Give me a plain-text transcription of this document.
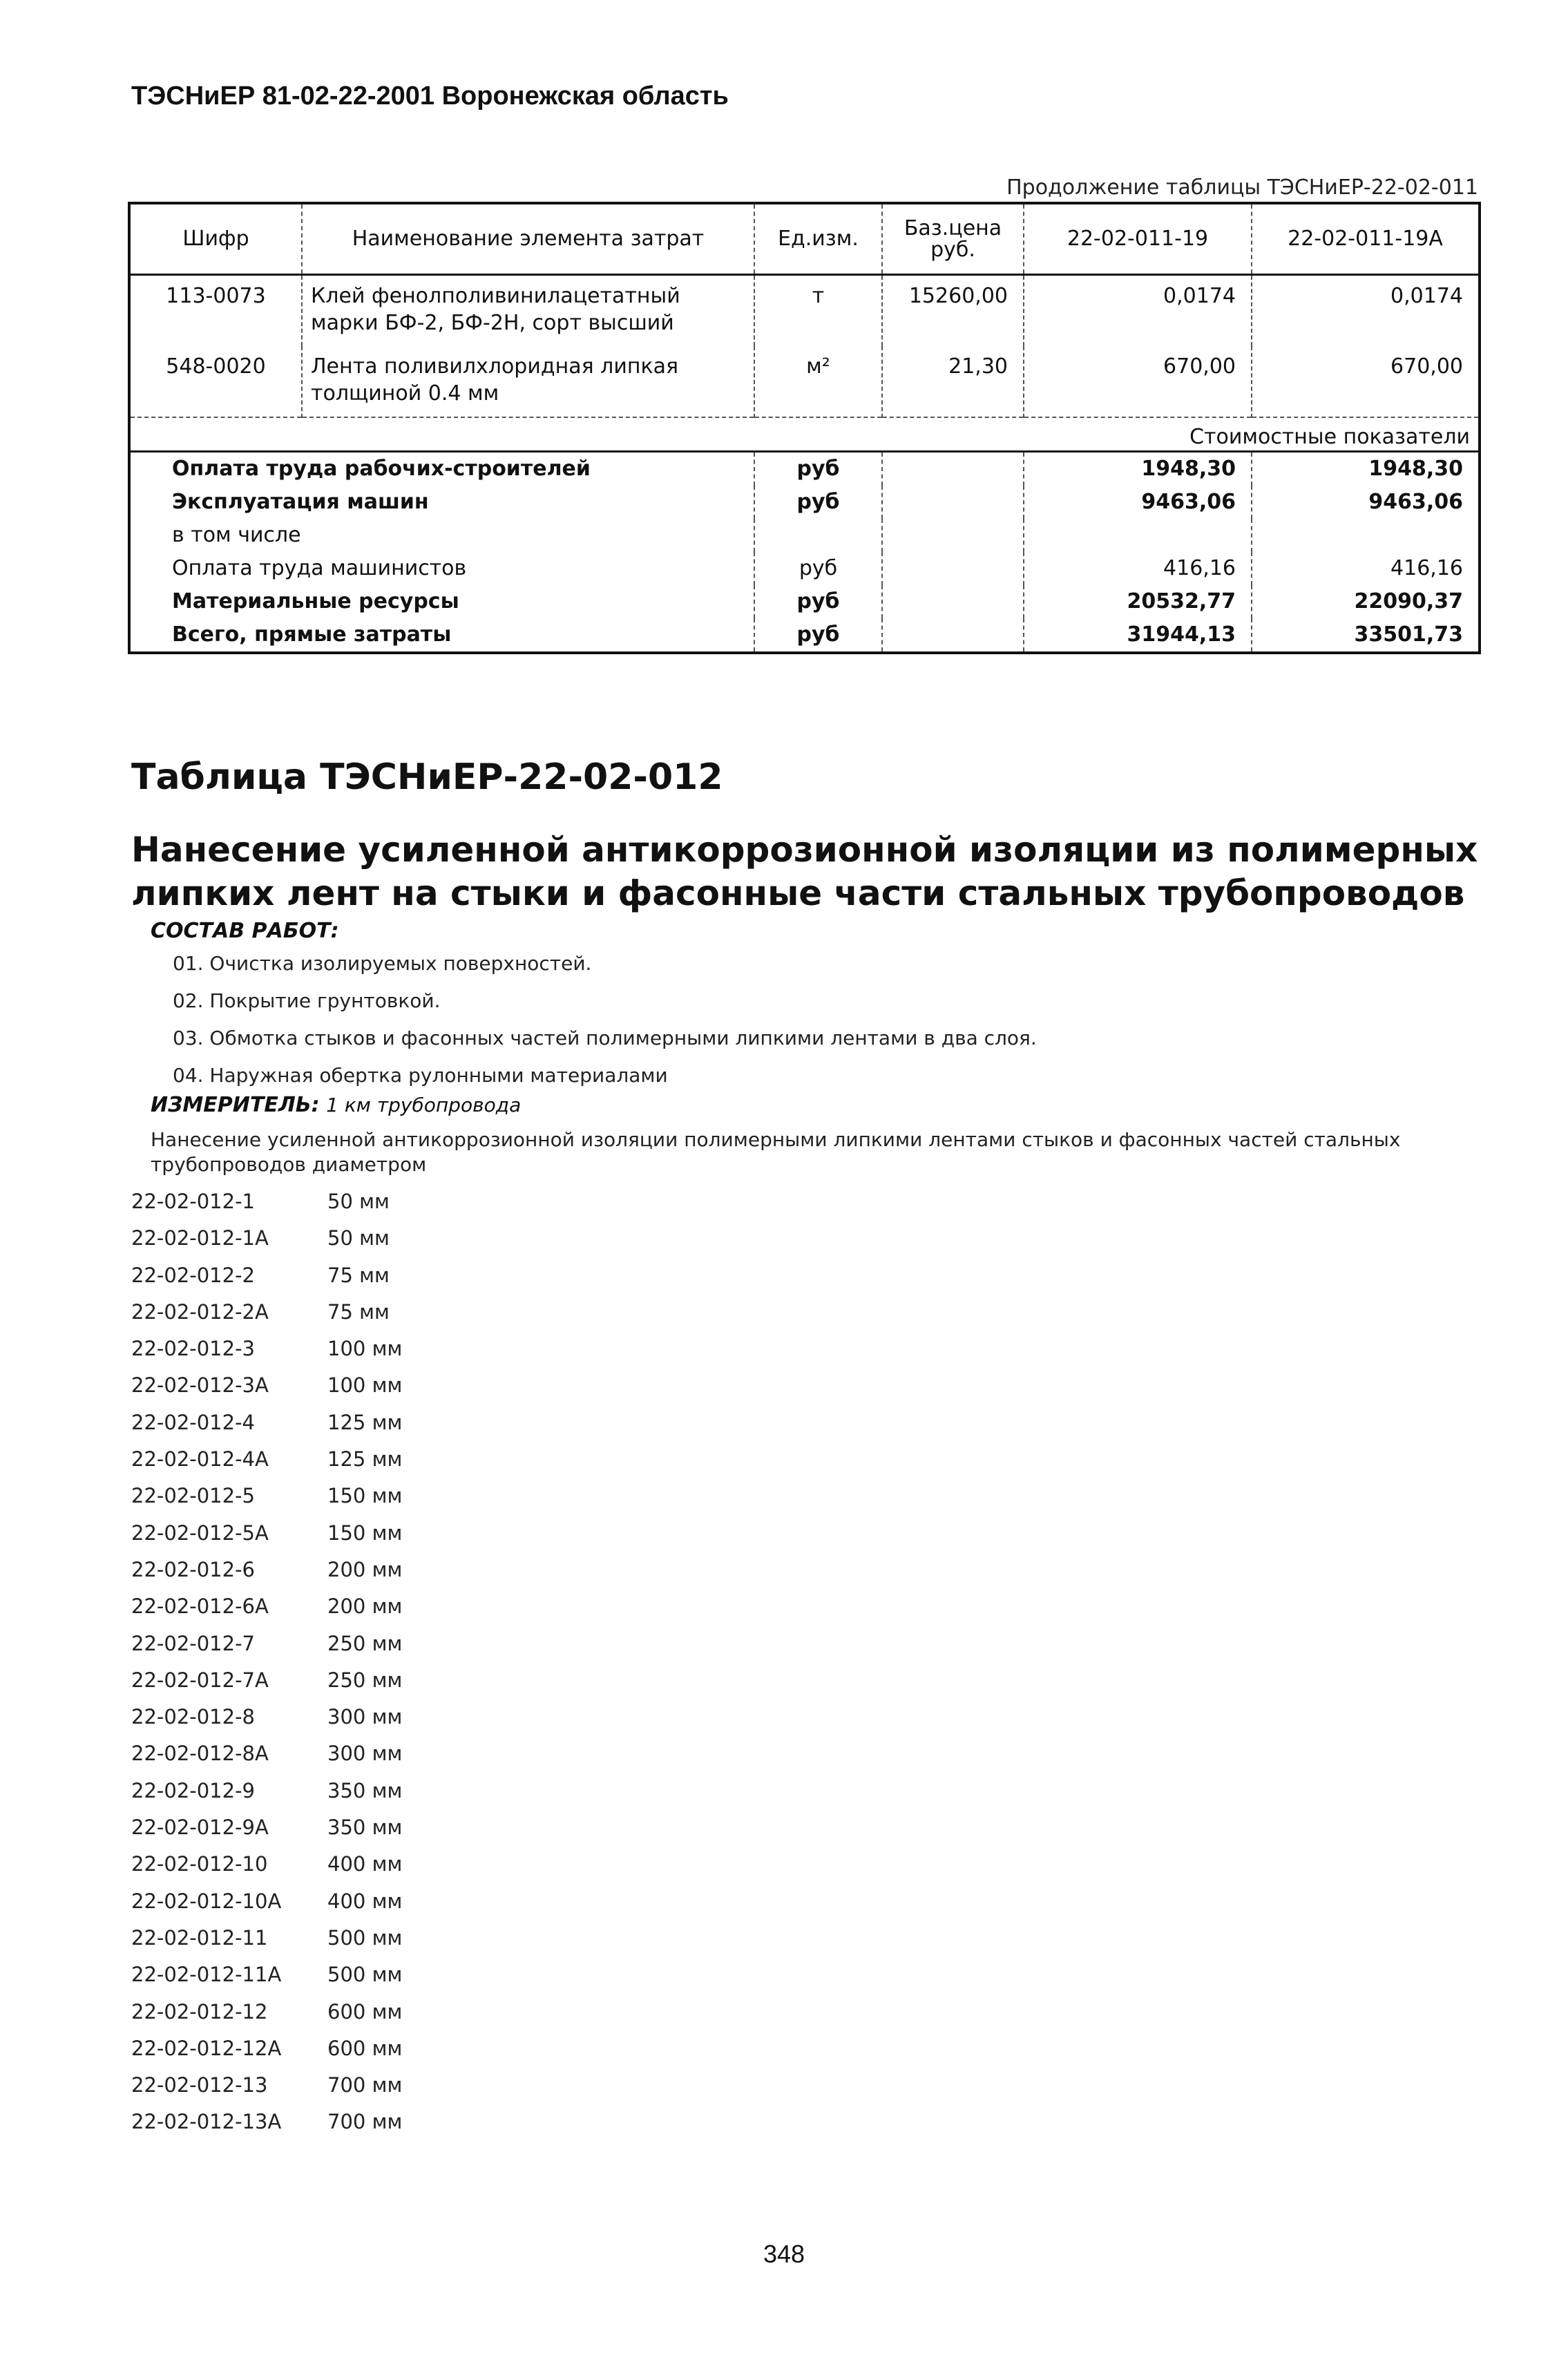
ТЭСНиЕР 81-02-22-2001 Воронежская область
Продолжение таблицы ТЭСНиЕР-22-02-011
Шифр	Наименование элемента затрат	Ед.изм.	Баз.цена руб.	22-02-011-19	22-02-011-19А
113-0073	Клей фенолполивинилацетатный марки БФ-2, БФ-2Н, сорт высший	т	15260,00	0,0174	0,0174
548-0020	Лента поливилхлоридная липкая толщиной 0.4 мм	м²	21,30	670,00	670,00
Стоимостные показатели					
Оплата труда рабочих-строителей		руб		1948,30	1948,30
Эксплуатация машин		руб		9463,06	9463,06
в том числе					
Оплата труда машинистов		руб		416,16	416,16
Материальные ресурсы		руб		20532,77	22090,37
Всего, прямые затраты		руб		31944,13	33501,73
Таблица ТЭСНиЕР-22-02-012
Нанесение усиленной антикоррозионной изоляции из полимерных липких лент на стыки и фасонные части стальных трубопроводов
СОСТАВ РАБОТ:
01. Очистка изолируемых поверхностей.
02. Покрытие грунтовкой.
03. Обмотка стыков и фасонных частей полимерными липкими лентами в два слоя.
04. Наружная обертка рулонными материалами
ИЗМЕРИТЕЛЬ: 1 км трубопровода
Нанесение усиленной антикоррозионной изоляции полимерными липкими лентами стыков и фасонных частей стальных трубопроводов диаметром
22-02-012-1	50 мм
22-02-012-1А	50 мм
22-02-012-2	75 мм
22-02-012-2А	75 мм
22-02-012-3	100 мм
22-02-012-3А	100 мм
22-02-012-4	125 мм
22-02-012-4А	125 мм
22-02-012-5	150 мм
22-02-012-5А	150 мм
22-02-012-6	200 мм
22-02-012-6А	200 мм
22-02-012-7	250 мм
22-02-012-7А	250 мм
22-02-012-8	300 мм
22-02-012-8А	300 мм
22-02-012-9	350 мм
22-02-012-9А	350 мм
22-02-012-10	400 мм
22-02-012-10А 400 мм
22-02-012-11	500 мм
22-02-012-11А 500 мм
22-02-012-12	600 мм
22-02-012-12А 600 мм
22-02-012-13	700 мм
22-02-012-13А 700 мм
348
